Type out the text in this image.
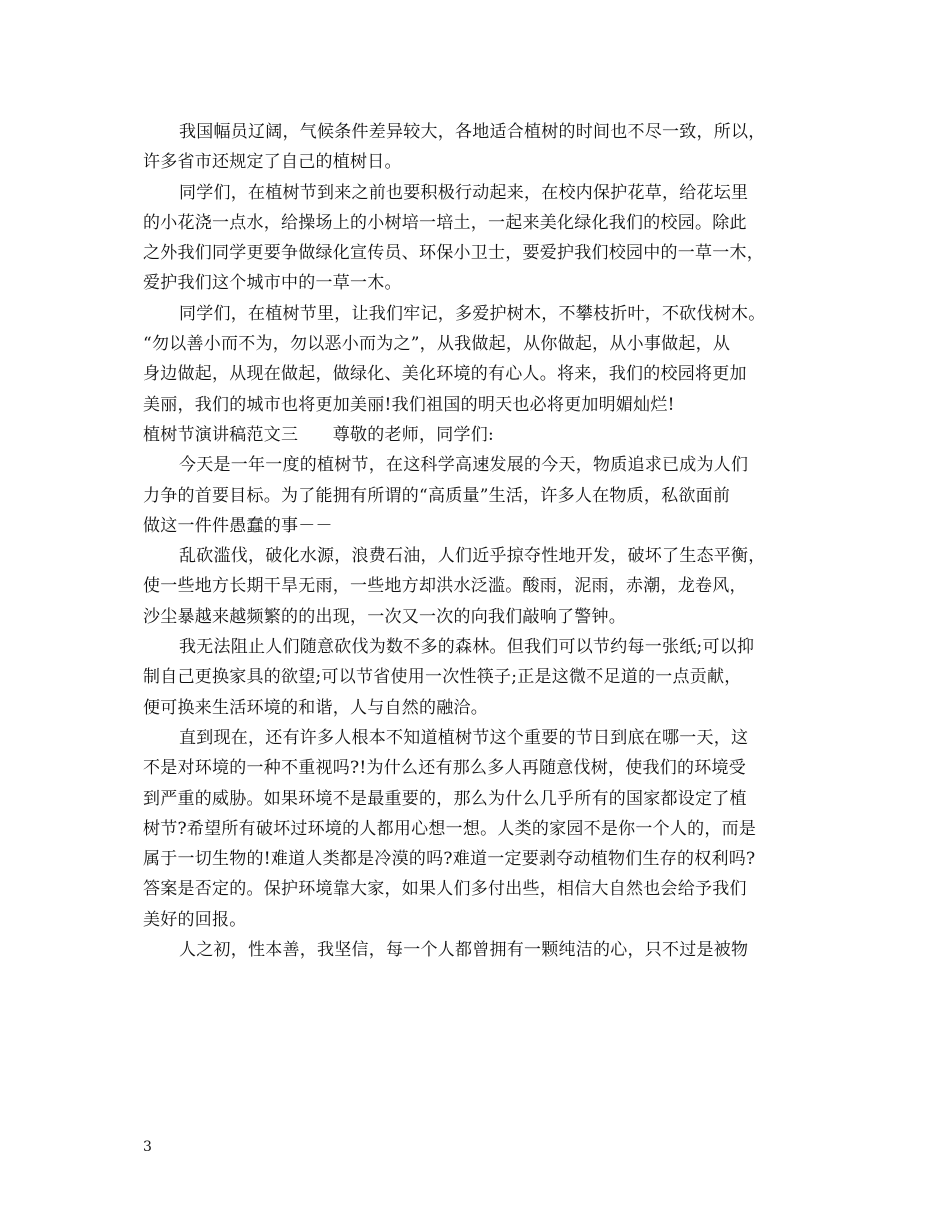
我国幅员辽阔，气候条件差异较大，各地适合植树的时间也不尽一致，所以，
许多省市还规定了自己的植树日。
同学们，在植树节到来之前也要积极行动起来，在校内保护花草，给花坛里
的小花浇一点水，给操场上的小树培一培土，一起来美化绿化我们的校园。除此
之外我们同学更要争做绿化宣传员、环保小卫士，要爱护我们校园中的一草一木，
爱护我们这个城市中的一草一木。
同学们，在植树节里，让我们牢记，多爱护树木，不攀枝折叶，不砍伐树木。
“勿以善小而不为，勿以恶小而为之”，从我做起，从你做起，从小事做起，从
身边做起，从现在做起，做绿化、美化环境的有心人。将来，我们的校园将更加
美丽，我们的城市也将更加美丽!我们祖国的明天也必将更加明媚灿烂!
植树节演讲稿范文三　　尊敬的老师，同学们:
今天是一年一度的植树节，在这科学高速发展的今天，物质追求已成为人们
力争的首要目标。为了能拥有所谓的“高质量”生活，许多人在物质，私欲面前
做这一件件愚蠢的事－－
乱砍滥伐，破化水源，浪费石油，人们近乎掠夺性地开发，破坏了生态平衡，
使一些地方长期干旱无雨，一些地方却洪水泛滥。酸雨，泥雨，赤潮，龙卷风，
沙尘暴越来越频繁的的出现，一次又一次的向我们敲响了警钟。
我无法阻止人们随意砍伐为数不多的森林。但我们可以节约每一张纸;可以抑
制自己更换家具的欲望;可以节省使用一次性筷子;正是这微不足道的一点贡献，
便可换来生活环境的和谐，人与自然的融洽。
直到现在，还有许多人根本不知道植树节这个重要的节日到底在哪一天，这
不是对环境的一种不重视吗?!为什么还有那么多人再随意伐树，使我们的环境受
到严重的威胁。如果环境不是最重要的，那么为什么几乎所有的国家都设定了植
树节?希望所有破坏过环境的人都用心想一想。人类的家园不是你一个人的，而是
属于一切生物的!难道人类都是冷漠的吗?难道一定要剥夺动植物们生存的权利吗?
答案是否定的。保护环境靠大家，如果人们多付出些，相信大自然也会给予我们
美好的回报。
人之初，性本善，我坚信，每一个人都曾拥有一颗纯洁的心，只不过是被物
3
